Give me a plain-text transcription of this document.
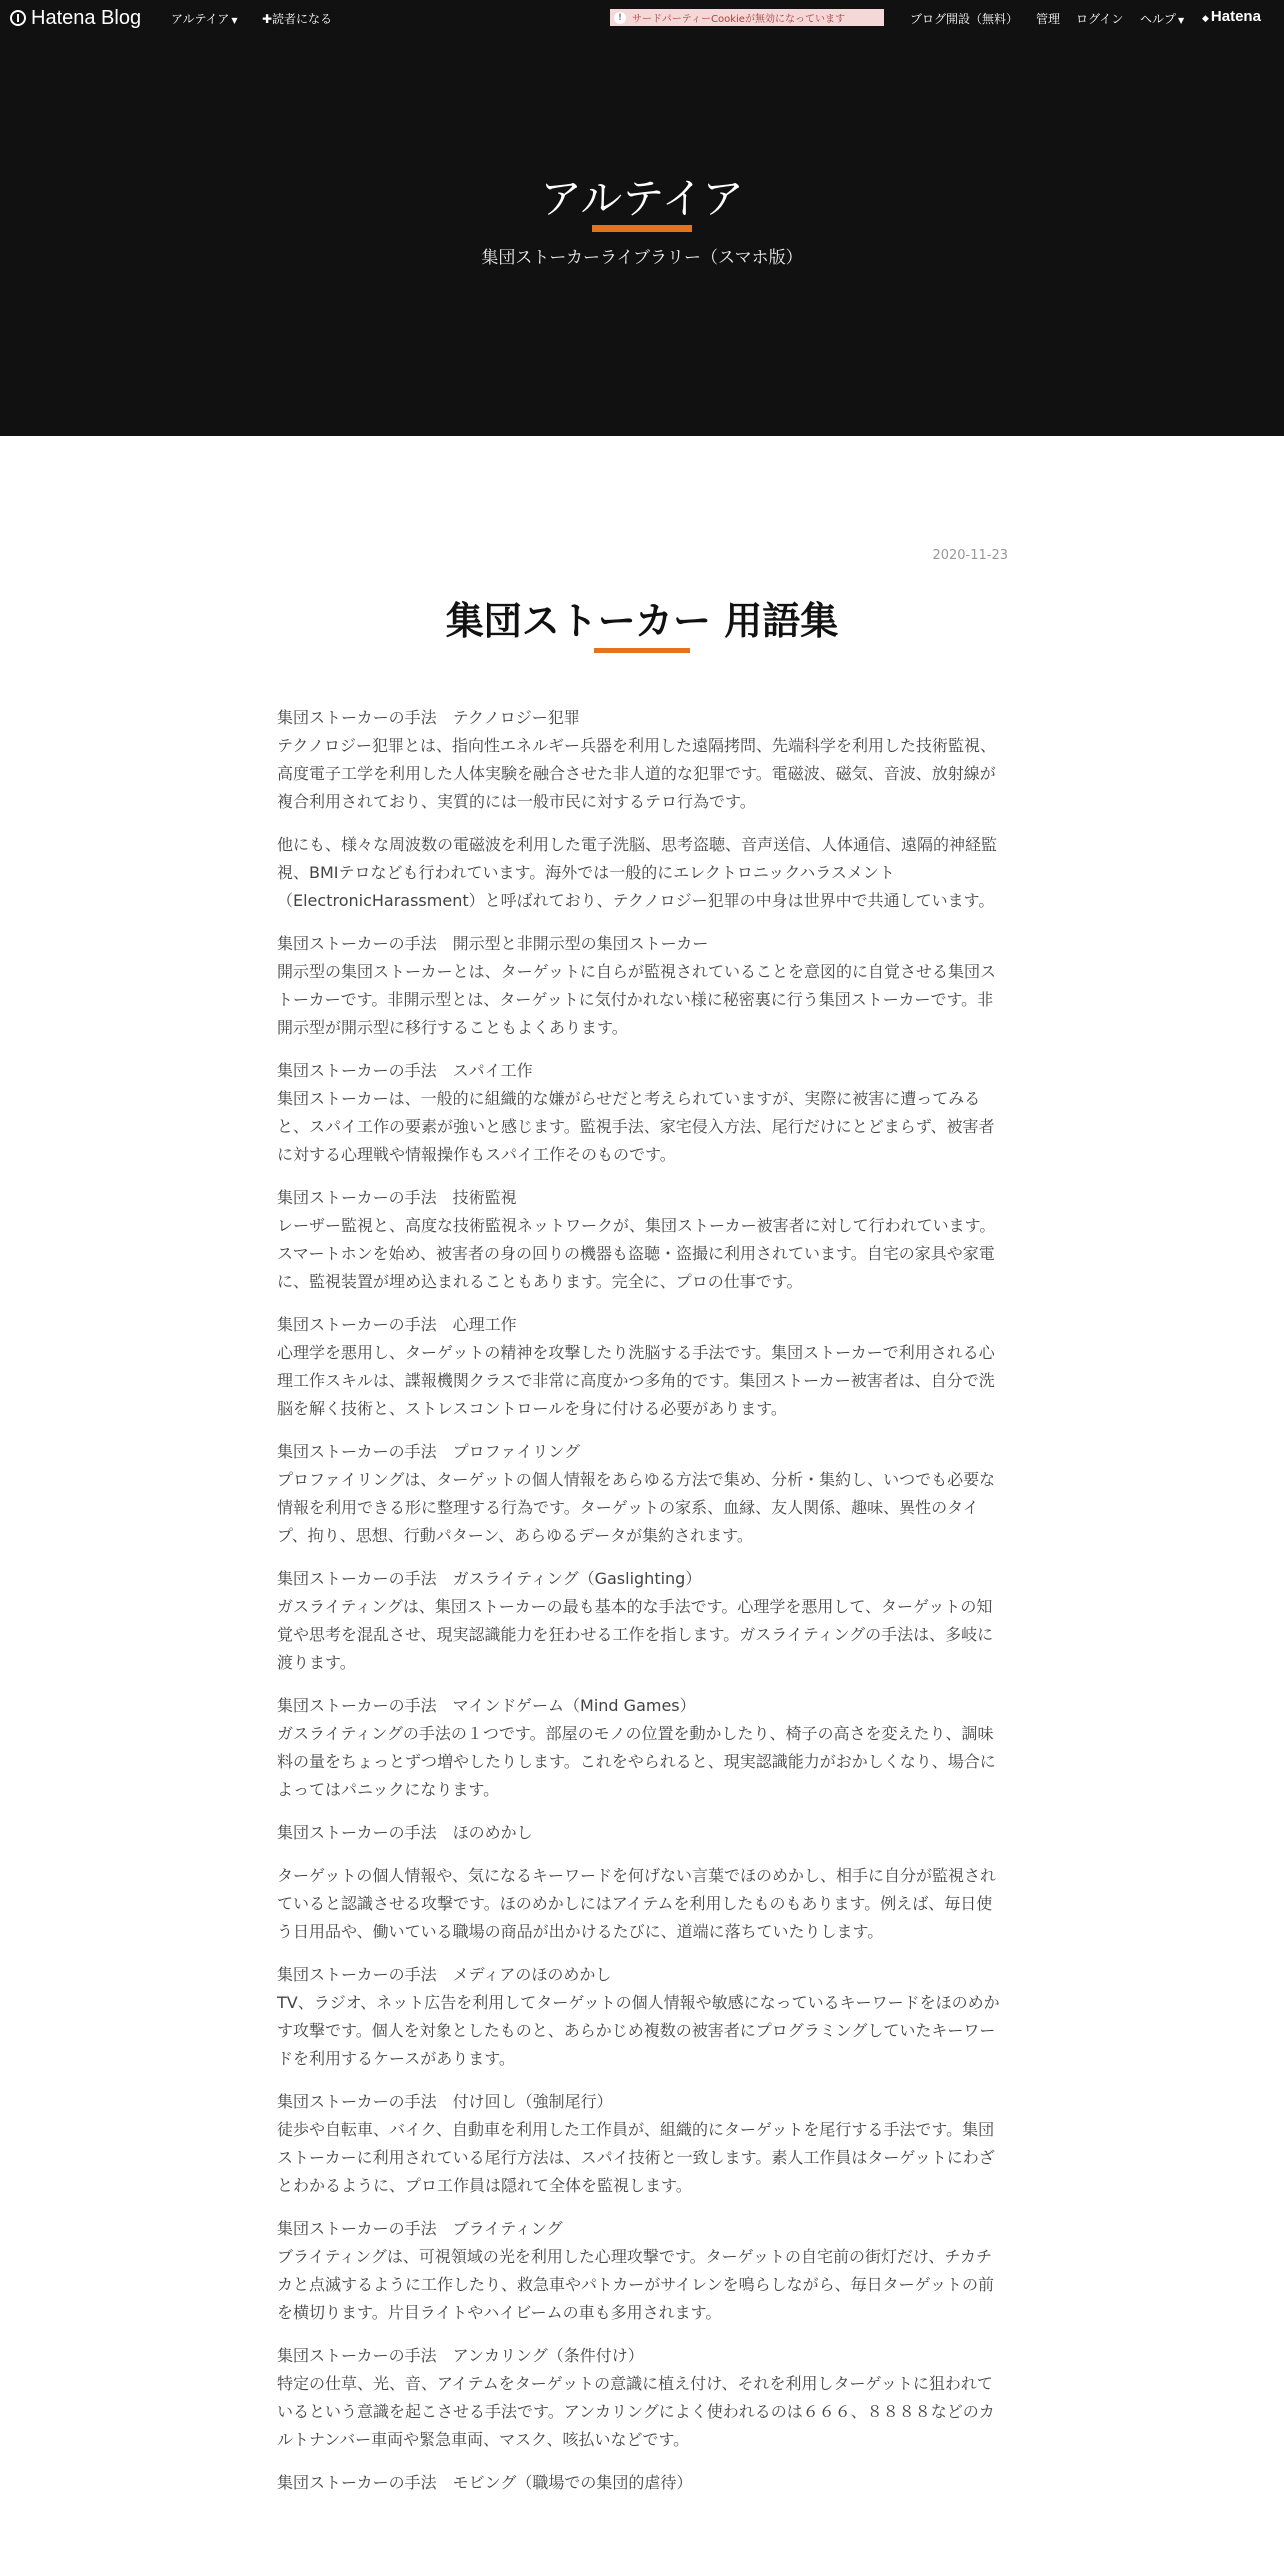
Hatena Blog アルテイア ▼ ✚読者になる	! サードパーティーCookieが無効になっています	ブログ開設（無料） 管理 ログイン ヘルプ ▼ ◆ Hatena
アルテイア
集団ストーカーライブラリー（スマホ版）
2020-11-23
集団ストーカー 用語集

集団ストーカーの手法　テクノロジー犯罪
テクノロジー犯罪とは、指向性エネルギー兵器を利用した遠隔拷問、先端科学を利用した技術監視、高度電子工学を利用した人体実験を融合させた非人道的な犯罪です。電磁波、磁気、音波、放射線が複合利用されており、実質的には一般市民に対するテロ行為です。

他にも、様々な周波数の電磁波を利用した電子洗脳、思考盗聴、音声送信、人体通信、遠隔的神経監視、BMIテロなども行われています。海外では一般的にエレクトロニックハラスメント（ElectronicHarassment）と呼ばれており、テクノロジー犯罪の中身は世界中で共通しています。

集団ストーカーの手法　開示型と非開示型の集団ストーカー
開示型の集団ストーカーとは、ターゲットに自らが監視されていることを意図的に自覚させる集団ストーカーです。非開示型とは、ターゲットに気付かれない様に秘密裏に行う集団ストーカーです。非開示型が開示型に移行することもよくあります。

集団ストーカーの手法　スパイ工作
集団ストーカーは、一般的に組織的な嫌がらせだと考えられていますが、実際に被害に遭ってみると、スパイ工作の要素が強いと感じます。監視手法、家宅侵入方法、尾行だけにとどまらず、被害者に対する心理戦や情報操作もスパイ工作そのものです。

集団ストーカーの手法　技術監視
レーザー監視と、高度な技術監視ネットワークが、集団ストーカー被害者に対して行われています。スマートホンを始め、被害者の身の回りの機器も盗聴・盗撮に利用されています。自宅の家具や家電に、監視装置が埋め込まれることもあります。完全に、プロの仕事です。

集団ストーカーの手法　心理工作
心理学を悪用し、ターゲットの精神を攻撃したり洗脳する手法です。集団ストーカーで利用される心理工作スキルは、諜報機関クラスで非常に高度かつ多角的です。集団ストーカー被害者は、自分で洗脳を解く技術と、ストレスコントロールを身に付ける必要があります。

集団ストーカーの手法　プロファイリング
プロファイリングは、ターゲットの個人情報をあらゆる方法で集め、分析・集約し、いつでも必要な情報を利用できる形に整理する行為です。ターゲットの家系、血縁、友人関係、趣味、異性のタイプ、拘り、思想、行動パターン、あらゆるデータが集約されます。

集団ストーカーの手法　ガスライティング（Gaslighting）
ガスライティングは、集団ストーカーの最も基本的な手法です。心理学を悪用して、ターゲットの知覚や思考を混乱させ、現実認識能力を狂わせる工作を指します。ガスライティングの手法は、多岐に渡ります。

集団ストーカーの手法　マインドゲーム（Mind Games）
ガスライティングの手法の１つです。部屋のモノの位置を動かしたり、椅子の高さを変えたり、調味料の量をちょっとずつ増やしたりします。これをやられると、現実認識能力がおかしくなり、場合によってはパニックになります。

集団ストーカーの手法　ほのめかし

ターゲットの個人情報や、気になるキーワードを何げない言葉でほのめかし、相手に自分が監視されていると認識させる攻撃です。ほのめかしにはアイテムを利用したものもあります。例えば、毎日使う日用品や、働いている職場の商品が出かけるたびに、道端に落ちていたりします。

集団ストーカーの手法　メディアのほのめかし
TV、ラジオ、ネット広告を利用してターゲットの個人情報や敏感になっているキーワードをほのめかす攻撃です。個人を対象としたものと、あらかじめ複数の被害者にプログラミングしていたキーワードを利用するケースがあります。

集団ストーカーの手法　付け回し（強制尾行）
徒歩や自転車、バイク、自動車を利用した工作員が、組織的にターゲットを尾行する手法です。集団ストーカーに利用されている尾行方法は、スパイ技術と一致します。素人工作員はターゲットにわざとわかるように、プロ工作員は隠れて全体を監視します。

集団ストーカーの手法　ブライティング
ブライティングは、可視領域の光を利用した心理攻撃です。ターゲットの自宅前の街灯だけ、チカチカと点滅するように工作したり、救急車やパトカーがサイレンを鳴らしながら、毎日ターゲットの前を横切ります。片目ライトやハイビームの車も多用されます。

集団ストーカーの手法　アンカリング（条件付け）
特定の仕草、光、音、アイテムをターゲットの意識に植え付け、それを利用しターゲットに狙われているという意識を起こさせる手法です。アンカリングによく使われるのは６６６、８８８８などのカルトナンバー車両や緊急車両、マスク、咳払いなどです。

集団ストーカーの手法　モビング（職場での集団的虐待）
